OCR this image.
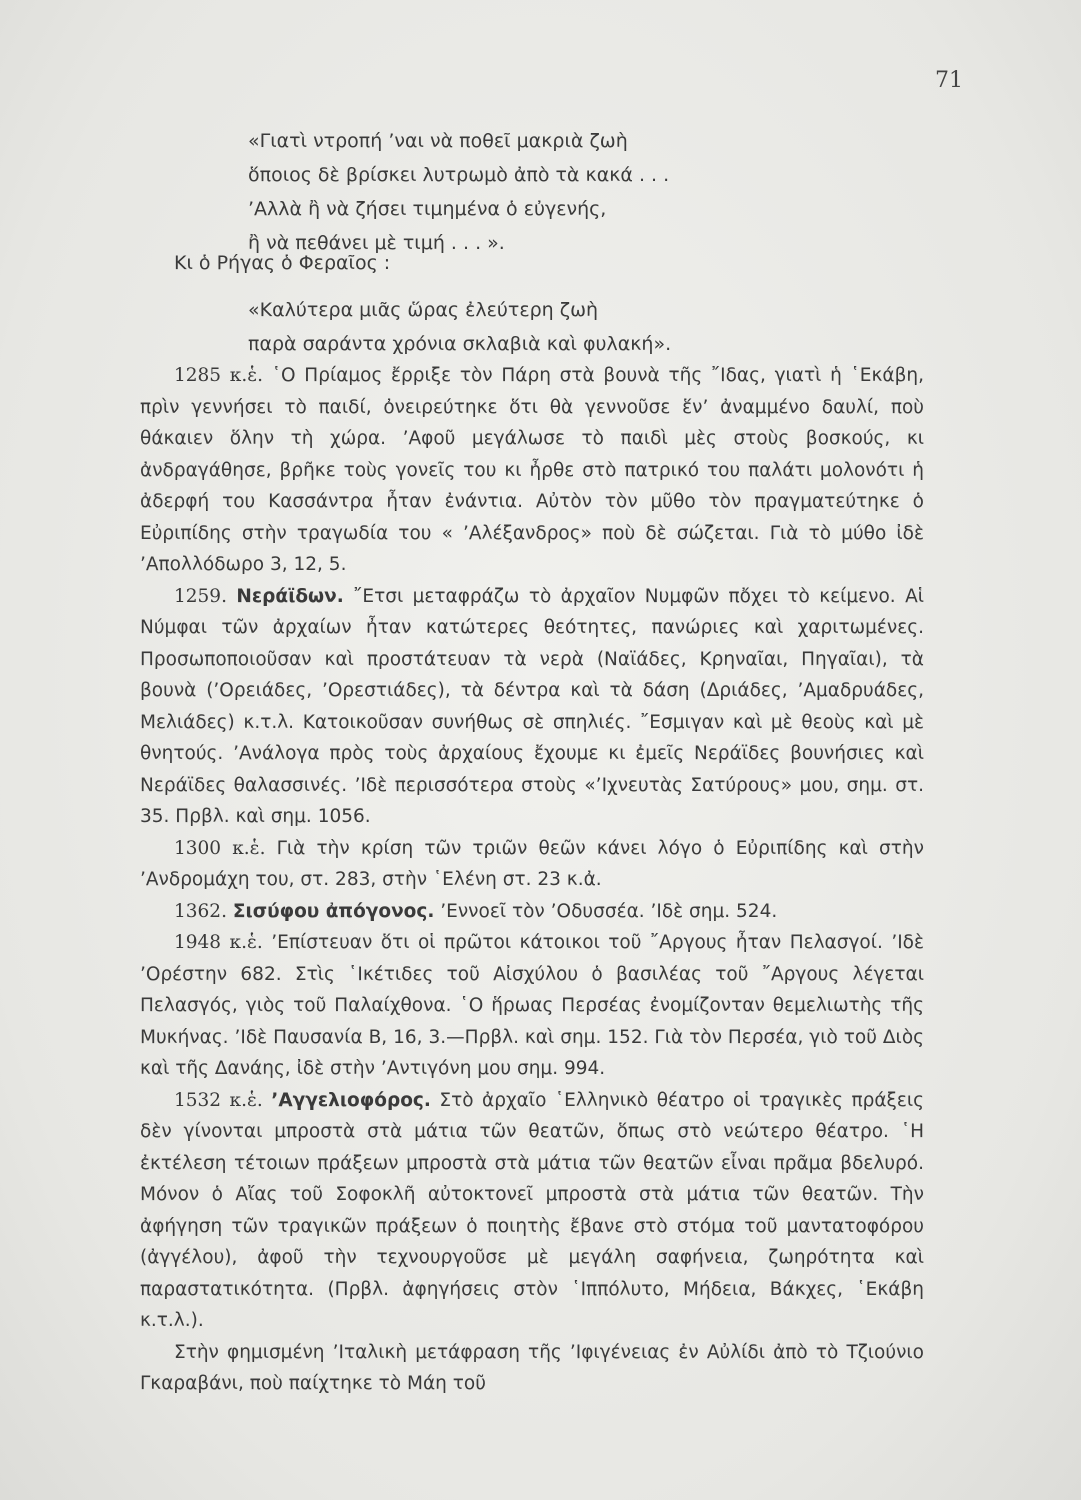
71
«Γιατὶ ντροπή ’ναι νὰ ποθεῖ μακριὰ ζωὴ
ὅποιος δὲ βρίσκει λυτρωμὸ ἀπὸ τὰ κακά . . .
’Αλλὰ ἢ νὰ ζήσει τιμημένα ὁ εὐγενής,
ἢ νὰ πεθάνει μὲ τιμή . . . ».
Κι ὁ Ρήγας ὁ Φεραῖος :
«Καλύτερα μιᾶς ὥρας ἐλεύτερη ζωὴ
παρὰ σαράντα χρόνια σκλαβιὰ καὶ φυλακή».

1285 κ.ἑ. ῾Ο Πρίαμος ἔρριξε τὸν Πάρη στὰ βουνὰ τῆς ῎Ιδας, γιατὶ ἡ ῾Εκάβη, πρὶν γεννήσει τὸ παιδί, ὀνειρεύτηκε ὅτι θὰ γεννοῦσε ἕν’ ἀναμμένο δαυλί, ποὺ θάκαιεν ὅλην τὴ χώρα. ’Αφοῦ μεγάλωσε τὸ παιδὶ μὲς στοὺς βοσκούς, κι ἀνδραγάθησε, βρῆκε τοὺς γονεῖς του κι ἦρθε στὸ πατρικό του παλάτι μολονότι ἡ ἀδερφή του Κασσάντρα ἦταν ἐνάντια. Αὐτὸν τὸν μῦθο τὸν πραγματεύτηκε ὁ Εὐριπίδης στὴν τραγωδία του « ’Αλέξανδρος» ποὺ δὲ σώζεται. Γιὰ τὸ μύθο ἰδὲ ’Απολλόδωρο 3, 12, 5.

1259. Νεράϊδων. ῎Ετσι μεταφράζω τὸ ἀρχαῖον Νυμφῶν πὄχει τὸ κείμενο. Αἱ Νύμφαι τῶν ἀρχαίων ἦταν κατώτερες θεότητες, πανώριες καὶ χαριτωμένες. Προσωποποιοῦσαν καὶ προστάτευαν τὰ νερὰ (Ναϊάδες, Κρηναῖαι, Πηγαῖαι), τὰ βουνὰ (’Ορειάδες, ’Ορεστιάδες), τὰ δέντρα καὶ τὰ δάση (Δριάδες, ’Αμαδρυάδες, Μελιάδες) κ.τ.λ. Κατοικοῦσαν συνήθως σὲ σπηλιές. ῎Εσμιγαν καὶ μὲ θεοὺς καὶ μὲ θνητούς. ’Ανάλογα πρὸς τοὺς ἀρχαίους ἔχουμε κι ἐμεῖς Νεράϊδες βουνήσιες καὶ Νεράϊδες θαλασσινές. ’Ιδὲ περισσότερα στοὺς «’Ιχνευτὰς Σατύρους» μου, σημ. στ. 35. Πρβλ. καὶ σημ. 1056.

1300 κ.ἑ. Γιὰ τὴν κρίση τῶν τριῶν θεῶν κάνει λόγο ὁ Εὐριπίδης καὶ στὴν ’Ανδρομάχη του, στ. 283, στὴν ῾Ελένη στ. 23 κ.ἀ.

1362. Σισύφου ἀπόγονος. ’Εννοεῖ τὸν ’Οδυσσέα. ’Ιδὲ σημ. 524.

1948 κ.ἑ. ’Επίστευαν ὅτι οἱ πρῶτοι κάτοικοι τοῦ ῎Αργους ἦταν Πελασγοί. ’Ιδὲ ’Ορέστην 682. Στὶς ῾Ικέτιδες τοῦ Αἰσχύλου ὁ βασιλέας τοῦ ῎Αργους λέγεται Πελασγός, γιὸς τοῦ Παλαίχθονα. ῾Ο ἥρωας Περσέας ἐνομίζονταν θεμελιωτὴς τῆς Μυκήνας. ’Ιδὲ Παυσανία Β, 16, 3.—Πρβλ. καὶ σημ. 152. Γιὰ τὸν Περσέα, γιὸ τοῦ Διὸς καὶ τῆς Δανάης, ἰδὲ στὴν ’Αντιγόνη μου σημ. 994.

1532 κ.ἑ. ’Αγγελιοφόρος. Στὸ ἀρχαῖο ῾Ελληνικὸ θέατρο οἱ τραγικὲς πράξεις δὲν γίνονται μπροστὰ στὰ μάτια τῶν θεατῶν, ὅπως στὸ νεώτερο θέατρο. ῾Η ἐκτέλεση τέτοιων πράξεων μπροστὰ στὰ μάτια τῶν θεατῶν εἶναι πρᾶμα βδελυρό. Μόνον ὁ Αἴας τοῦ Σοφοκλῆ αὐτοκτονεῖ μπροστὰ στὰ μάτια τῶν θεατῶν. Τὴν ἀφήγηση τῶν τραγικῶν πράξεων ὁ ποιητὴς ἔβανε στὸ στόμα τοῦ μαντατοφόρου (ἀγγέλου), ἀφοῦ τὴν τεχνουργοῦσε μὲ μεγάλη σαφήνεια, ζωηρότητα καὶ παραστατικότητα. (Πρβλ. ἀφηγήσεις στὸν ῾Ιππόλυτο, Μήδεια, Βάκχες, ῾Εκάβη κ.τ.λ.).

Στὴν φημισμένη ’Ιταλικὴ μετάφραση τῆς ’Ιφιγένειας ἐν Αὐλίδι ἀπὸ τὸ Τζιούνιο Γκαραβάνι, ποὺ παίχτηκε τὸ Μάη τοῦ
